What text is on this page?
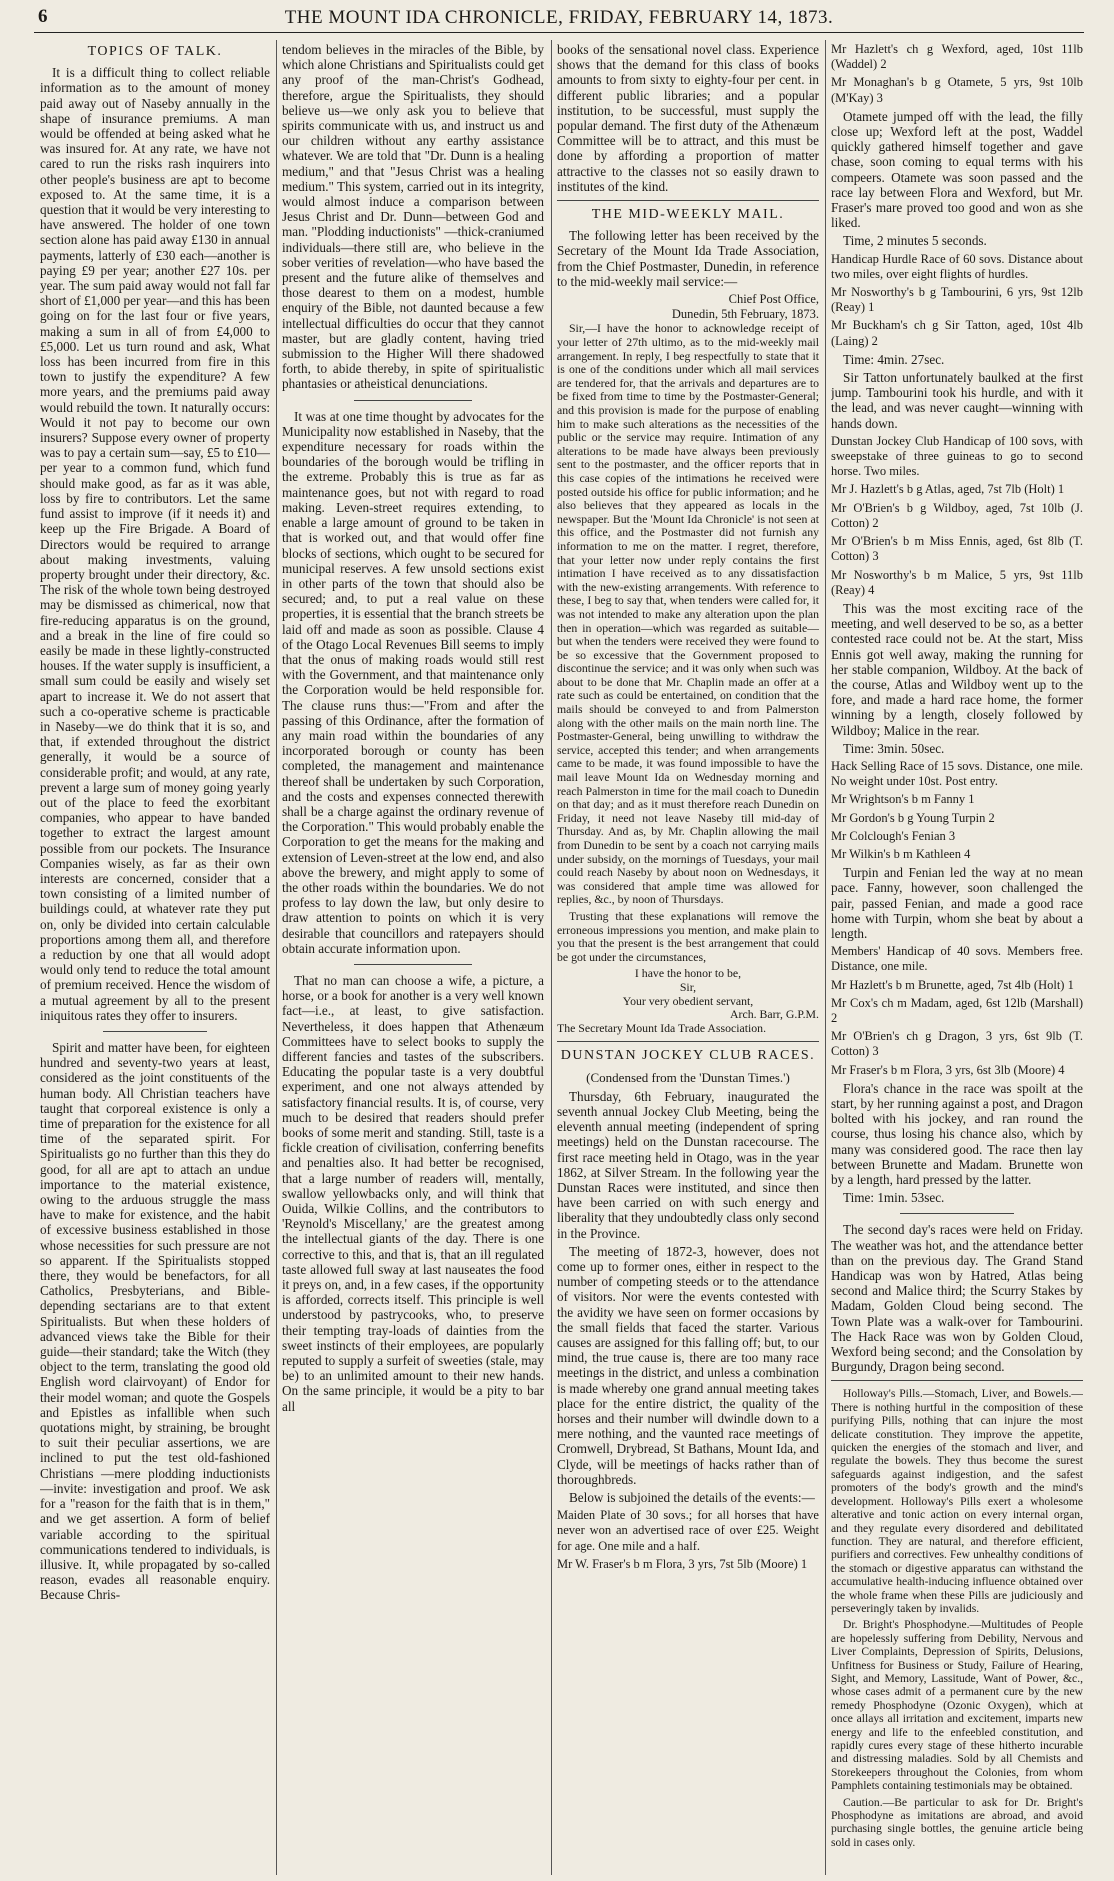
6	THE MOUNT IDA CHRONICLE, FRIDAY, FEBRUARY 14, 1873.
TOPICS OF TALK.

It is a difficult thing to collect reliable information as to the amount of money paid away out of Naseby annually in the shape of insurance premiums. A man would be offended at being asked what he was insured for. At any rate, we have not cared to run the risks rash inquirers into other people's business are apt to become exposed to. At the same time, it is a question that it would be very interesting to have answered. The holder of one town section alone has paid away £130 in annual payments, latterly of £30 each—another is paying £9 per year; another £27 10s. per year. The sum paid away would not fall far short of £1,000 per year—and this has been going on for the last four or five years, making a sum in all of from £4,000 to £5,000. Let us turn round and ask, What loss has been incurred from fire in this town to justify the expenditure? A few more years, and the premiums paid away would rebuild the town. It naturally occurs: Would it not pay to become our own insurers? Suppose every owner of property was to pay a certain sum—say, £5 to £10—per year to a common fund, which fund should make good, as far as it was able, loss by fire to contributors. Let the same fund assist to improve (if it needs it) and keep up the Fire Brigade. A Board of Directors would be required to arrange about making investments, valuing property brought under their directory, &c. The risk of the whole town being destroyed may be dismissed as chimerical, now that fire-reducing apparatus is on the ground, and a break in the line of fire could so easily be made in these lightly-constructed houses. If the water supply is insufficient, a small sum could be easily and wisely set apart to increase it. We do not assert that such a co-operative scheme is practicable in Naseby—we do think that it is so, and that, if extended throughout the district generally, it would be a source of considerable profit; and would, at any rate, prevent a large sum of money going yearly out of the place to feed the exorbitant companies, who appear to have banded together to extract the largest amount possible from our pockets. The Insurance Companies wisely, as far as their own interests are concerned, consider that a town consisting of a limited number of buildings could, at whatever rate they put on, only be divided into certain calculable proportions among them all, and therefore a reduction by one that all would adopt would only tend to reduce the total amount of premium received. Hence the wisdom of a mutual agreement by all to the present iniquitous rates they offer to insurers.

Spirit and matter have been, for eighteen hundred and seventy-two years at least, considered as the joint constituents of the human body. All Christian teachers have taught that corporeal existence is only a time of preparation for the existence for all time of the separated spirit. For Spiritualists go no further than this they do good, for all are apt to attach an undue importance to the material existence, owing to the arduous struggle the mass have to make for existence, and the habit of excessive business established in those whose necessities for such pressure are not so apparent. If the Spiritualists stopped there, they would be benefactors, for all Catholics, Presbyterians, and Bible-depending sectarians are to that extent Spiritualists. But when these holders of advanced views take the Bible for their guide—their standard; take the Witch (they object to the term, translating the good old English word clairvoyant) of Endor for their model woman; and quote the Gospels and Epistles as infallible when such quotations might, by straining, be brought to suit their peculiar assertions, we are inclined to put the test old-fashioned Christians —mere plodding inductionists—invite: investigation and proof. We ask for a "reason for the faith that is in them," and we get assertion. A form of belief variable according to the spiritual communications tendered to individuals, is illusive. It, while propagated by so-called reason, evades all reasonable enquiry. Because Chris-

tendom believes in the miracles of the Bible, by which alone Christians and Spiritualists could get any proof of the man-Christ's Godhead, therefore, argue the Spiritualists, they should believe us—we only ask you to believe that spirits communicate with us, and instruct us and our children without any earthy assistance whatever. We are told that "Dr. Dunn is a healing medium," and that "Jesus Christ was a healing medium." This system, carried out in its integrity, would almost induce a comparison between Jesus Christ and Dr. Dunn—between God and man. "Plodding inductionists" —thick-craniumed individuals—there still are, who believe in the sober verities of revelation—who have based the present and the future alike of themselves and those dearest to them on a modest, humble enquiry of the Bible, not daunted because a few intellectual difficulties do occur that they cannot master, but are gladly content, having tried submission to the Higher Will there shadowed forth, to abide thereby, in spite of spiritualistic phantasies or atheistical denunciations.

It was at one time thought by advocates for the Municipality now established in Naseby, that the expenditure necessary for roads within the boundaries of the borough would be trifling in the extreme. Probably this is true as far as maintenance goes, but not with regard to road making. Leven-street requires extending, to enable a large amount of ground to be taken in that is worked out, and that would offer fine blocks of sections, which ought to be secured for municipal reserves. A few unsold sections exist in other parts of the town that should also be secured; and, to put a real value on these properties, it is essential that the branch streets be laid off and made as soon as possible. Clause 4 of the Otago Local Revenues Bill seems to imply that the onus of making roads would still rest with the Government, and that maintenance only the Corporation would be held responsible for. The clause runs thus:—"From and after the passing of this Ordinance, after the formation of any main road within the boundaries of any incorporated borough or county has been completed, the management and maintenance thereof shall be undertaken by such Corporation, and the costs and expenses connected therewith shall be a charge against the ordinary revenue of the Corporation." This would probably enable the Corporation to get the means for the making and extension of Leven-street at the low end, and also above the brewery, and might apply to some of the other roads within the boundaries. We do not profess to lay down the law, but only desire to draw attention to points on which it is very desirable that councillors and ratepayers should obtain accurate information upon.

That no man can choose a wife, a picture, a horse, or a book for another is a very well known fact—i.e., at least, to give satisfaction. Nevertheless, it does happen that Athenæum Committees have to select books to supply the different fancies and tastes of the subscribers. Educating the popular taste is a very doubtful experiment, and one not always attended by satisfactory financial results. It is, of course, very much to be desired that readers should prefer books of some merit and standing. Still, taste is a fickle creation of civilisation, conferring benefits and penalties also. It had better be recognised, that a large number of readers will, mentally, swallow yellowbacks only, and will think that Ouida, Wilkie Collins, and the contributors to 'Reynold's Miscellany,' are the greatest among the intellectual giants of the day. There is one corrective to this, and that is, that an ill regulated taste allowed full sway at last nauseates the food it preys on, and, in a few cases, if the opportunity is afforded, corrects itself. This principle is well understood by pastrycooks, who, to preserve their tempting tray-loads of dainties from the sweet instincts of their employees, are popularly reputed to supply a surfeit of sweeties (stale, may be) to an unlimited amount to their new hands. On the same principle, it would be a pity to bar all

books of the sensational novel class. Experience shows that the demand for this class of books amounts to from sixty to eighty-four per cent. in different public libraries; and a popular institution, to be successful, must supply the popular demand. The first duty of the Athenæum Committee will be to attract, and this must be done by affording a proportion of matter attractive to the classes not so easily drawn to institutes of the kind.

THE MID-WEEKLY MAIL.

The following letter has been received by the Secretary of the Mount Ida Trade Association, from the Chief Postmaster, Dunedin, in reference to the mid-weekly mail service:—

Chief Post Office,
Dunedin, 5th February, 1873.

Sir,—I have the honor to acknowledge receipt of your letter of 27th ultimo, as to the mid-weekly mail arrangement. In reply, I beg respectfully to state that it is one of the conditions under which all mail services are tendered for, that the arrivals and departures are to be fixed from time to time by the Postmaster-General; and this provision is made for the purpose of enabling him to make such alterations as the necessities of the public or the service may require. Intimation of any alterations to be made have always been previously sent to the postmaster, and the officer reports that in this case copies of the intimations he received were posted outside his office for public information; and he also believes that they appeared as locals in the newspaper. But the 'Mount Ida Chronicle' is not seen at this office, and the Postmaster did not furnish any information to me on the matter. I regret, therefore, that your letter now under reply contains the first intimation I have received as to any dissatisfaction with the new-existing arrangements. With reference to these, I beg to say that, when tenders were called for, it was not intended to make any alteration upon the plan then in operation—which was regarded as suitable—but when the tenders were received they were found to be so excessive that the Government proposed to discontinue the service; and it was only when such was about to be done that Mr. Chaplin made an offer at a rate such as could be entertained, on condition that the mails should be conveyed to and from Palmerston along with the other mails on the main north line. The Postmaster-General, being unwilling to withdraw the service, accepted this tender; and when arrangements came to be made, it was found impossible to have the mail leave Mount Ida on Wednesday morning and reach Palmerston in time for the mail coach to Dunedin on that day; and as it must therefore reach Dunedin on Friday, it need not leave Naseby till mid-day of Thursday. And as, by Mr. Chaplin allowing the mail from Dunedin to be sent by a coach not carrying mails under subsidy, on the mornings of Tuesdays, your mail could reach Naseby by about noon on Wednesdays, it was considered that ample time was allowed for replies, &c., by noon of Thursdays.

Trusting that these explanations will remove the erroneous impressions you mention, and make plain to you that the present is the best arrangement that could be got under the circumstances,

I have the honor to be,
Sir,
Your very obedient servant,
Arch. Barr, G.P.M.
The Secretary Mount Ida Trade Association.
DUNSTAN JOCKEY CLUB RACES.
(Condensed from the 'Dunstan Times.')

Thursday, 6th February, inaugurated the seventh annual Jockey Club Meeting, being the eleventh annual meeting (independent of spring meetings) held on the Dunstan racecourse. The first race meeting held in Otago, was in the year 1862, at Silver Stream. In the following year the Dunstan Races were instituted, and since then have been carried on with such energy and liberality that they undoubtedly class only second in the Province.

The meeting of 1872-3, however, does not come up to former ones, either in respect to the number of competing steeds or to the attendance of visitors. Nor were the events contested with the avidity we have seen on former occasions by the small fields that faced the starter. Various causes are assigned for this falling off; but, to our mind, the true cause is, there are too many race meetings in the district, and unless a combination is made whereby one grand annual meeting takes place for the entire district, the quality of the horses and their number will dwindle down to a mere nothing, and the vaunted race meetings of Cromwell, Drybread, St Bathans, Mount Ida, and Clyde, will be meetings of hacks rather than of thoroughbreds.

Below is subjoined the details of the events:—

Maiden Plate of 30 sovs.; for all horses that have never won an advertised race of over £25. Weight for age. One mile and a half.

Mr W. Fraser's b m Flora, 3 yrs, 7st 5lb (Moore) 1

Mr Hazlett's ch g Wexford, aged, 10st 11lb (Waddel) 2

Mr Monaghan's b g Otamete, 5 yrs, 9st 10lb (M'Kay) 3

Otamete jumped off with the lead, the filly close up; Wexford left at the post, Waddel quickly gathered himself together and gave chase, soon coming to equal terms with his compeers. Otamete was soon passed and the race lay between Flora and Wexford, but Mr. Fraser's mare proved too good and won as she liked.

Time, 2 minutes 5 seconds.

Handicap Hurdle Race of 60 sovs. Distance about two miles, over eight flights of hurdles.

Mr Nosworthy's b g Tambourini, 6 yrs, 9st 12lb (Reay) 1

Mr Buckham's ch g Sir Tatton, aged, 10st 4lb (Laing) 2

Time: 4min. 27sec.

Sir Tatton unfortunately baulked at the first jump. Tambourini took his hurdle, and with it the lead, and was never caught—winning with hands down.

Dunstan Jockey Club Handicap of 100 sovs, with sweepstake of three guineas to go to second horse. Two miles.

Mr J. Hazlett's b g Atlas, aged, 7st 7lb (Holt) 1

Mr O'Brien's b g Wildboy, aged, 7st 10lb (J. Cotton) 2

Mr O'Brien's b m Miss Ennis, aged, 6st 8lb (T. Cotton) 3

Mr Nosworthy's b m Malice, 5 yrs, 9st 11lb (Reay) 4

This was the most exciting race of the meeting, and well deserved to be so, as a better contested race could not be. At the start, Miss Ennis got well away, making the running for her stable companion, Wildboy. At the back of the course, Atlas and Wildboy went up to the fore, and made a hard race home, the former winning by a length, closely followed by Wildboy; Malice in the rear.

Time: 3min. 50sec.

Hack Selling Race of 15 sovs. Distance, one mile. No weight under 10st. Post entry.

Mr Wrightson's b m Fanny 1

Mr Gordon's b g Young Turpin 2

Mr Colclough's Fenian 3

Mr Wilkin's b m Kathleen 4

Turpin and Fenian led the way at no mean pace. Fanny, however, soon challenged the pair, passed Fenian, and made a good race home with Turpin, whom she beat by about a length.

Members' Handicap of 40 sovs. Members free. Distance, one mile.

Mr Hazlett's b m Brunette, aged, 7st 4lb (Holt) 1

Mr Cox's ch m Madam, aged, 6st 12lb (Marshall) 2

Mr O'Brien's ch g Dragon, 3 yrs, 6st 9lb (T. Cotton) 3

Mr Fraser's b m Flora, 3 yrs, 6st 3lb (Moore) 4

Flora's chance in the race was spoilt at the start, by her running against a post, and Dragon bolted with his jockey, and ran round the course, thus losing his chance also, which by many was considered good. The race then lay between Brunette and Madam. Brunette won by a length, hard pressed by the latter.

Time: 1min. 53sec.

The second day's races were held on Friday. The weather was hot, and the attendance better than on the previous day. The Grand Stand Handicap was won by Hatred, Atlas being second and Malice third; the Scurry Stakes by Madam, Golden Cloud being second. The Town Plate was a walk-over for Tambourini. The Hack Race was won by Golden Cloud, Wexford being second; and the Consolation by Burgundy, Dragon being second.

Holloway's Pills.—Stomach, Liver, and Bowels.—There is nothing hurtful in the composition of these purifying Pills, nothing that can injure the most delicate constitution. They improve the appetite, quicken the energies of the stomach and liver, and regulate the bowels. They thus become the surest safeguards against indigestion, and the safest promoters of the body's growth and the mind's development. Holloway's Pills exert a wholesome alterative and tonic action on every internal organ, and they regulate every disordered and debilitated function. They are natural, and therefore efficient, purifiers and correctives. Few unhealthy conditions of the stomach or digestive apparatus can withstand the accumulative health-inducing influence obtained over the whole frame when these Pills are judiciously and perseveringly taken by invalids.

Dr. Bright's Phosphodyne.—Multitudes of People are hopelessly suffering from Debility, Nervous and Liver Complaints, Depression of Spirits, Delusions, Unfitness for Business or Study, Failure of Hearing, Sight, and Memory, Lassitude, Want of Power, &c., whose cases admit of a permanent cure by the new remedy Phosphodyne (Ozonic Oxygen), which at once allays all irritation and excitement, imparts new energy and life to the enfeebled constitution, and rapidly cures every stage of these hitherto incurable and distressing maladies. Sold by all Chemists and Storekeepers throughout the Colonies, from whom Pamphlets containing testimonials may be obtained.

Caution.—Be particular to ask for Dr. Bright's Phosphodyne as imitations are abroad, and avoid purchasing single bottles, the genuine article being sold in cases only.
